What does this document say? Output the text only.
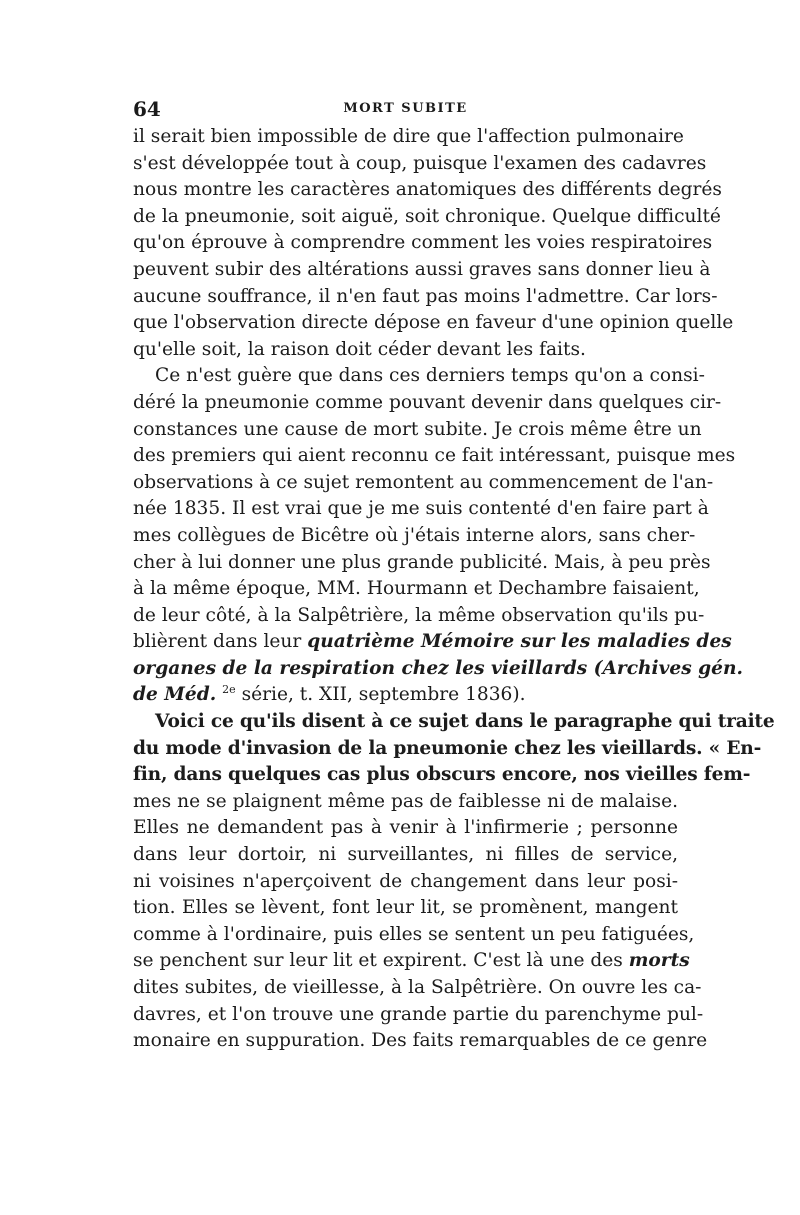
64	MORT SUBITE
il serait bien impossible de dire que l'affection pulmonaire
s'est développée tout à coup, puisque l'examen des cadavres
nous montre les caractères anatomiques des différents degrés
de la pneumonie, soit aiguë, soit chronique. Quelque difficulté
qu'on éprouve à comprendre comment les voies respiratoires
peuvent subir des altérations aussi graves sans donner lieu à
aucune souffrance, il n'en faut pas moins l'admettre. Car lors-
que l'observation directe dépose en faveur d'une opinion quelle
qu'elle soit, la raison doit céder devant les faits.
Ce n'est guère que dans ces derniers temps qu'on a consi-
déré la pneumonie comme pouvant devenir dans quelques cir-
constances une cause de mort subite. Je crois même être un
des premiers qui aient reconnu ce fait intéressant, puisque mes
observations à ce sujet remontent au commencement de l'an-
née 1835. Il est vrai que je me suis contenté d'en faire part à
mes collègues de Bicêtre où j'étais interne alors, sans cher-
cher à lui donner une plus grande publicité. Mais, à peu près
à la même époque, MM. Hourmann et Dechambre faisaient,
de leur côté, à la Salpêtrière, la même observation qu'ils pu-
blièrent dans leur quatrième Mémoire sur les maladies des
organes de la respiration chez les vieillards (Archives gén.
de Méd. $^{2e}$ série, t. XII, septembre 1836).
Voici ce qu'ils disent à ce sujet dans le paragraphe qui traite
du mode d'invasion de la pneumonie chez les vieillards. « En-
fin, dans quelques cas plus obscurs encore, nos vieilles fem-
mes ne se plaignent même pas de faiblesse ni de malaise.
Elles ne demandent pas à venir à l'infirmerie ; personne
dans leur dortoir, ni surveillantes, ni filles de service,
ni voisines n'aperçoivent de changement dans leur posi-
tion. Elles se lèvent, font leur lit, se promènent, mangent
comme à l'ordinaire, puis elles se sentent un peu fatiguées,
se penchent sur leur lit et expirent. C'est là une des morts
dites subites, de vieillesse, à la Salpêtrière. On ouvre les ca-
davres, et l'on trouve une grande partie du parenchyme pul-
monaire en suppuration. Des faits remarquables de ce genre
